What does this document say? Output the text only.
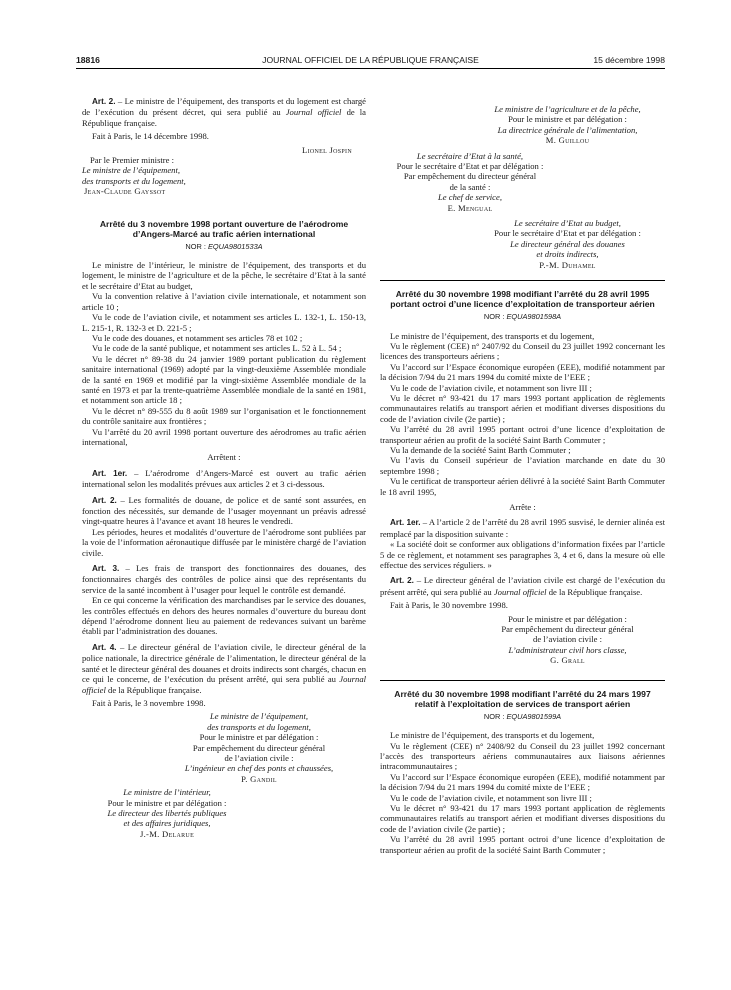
18816	JOURNAL OFFICIEL DE LA RÉPUBLIQUE FRANÇAISE	15 décembre 1998

Art. 2. – Le ministre de l’équipement, des transports et du logement est chargé de l’exécution du présent décret, qui sera publié au Journal officiel de la République française.

Fait à Paris, le 14 décembre 1998.

Lionel Jospin

Par le Premier ministre :

Le ministre de l’équipement,

des transports et du logement,

Jean-Claude Gayssot

Arrêté du 3 novembre 1998 portant ouverture de l’aérodrome d’Angers-Marcé au trafic aérien international

NOR : EQUA9801533A

Le ministre de l’intérieur, le ministre de l’équipement, des transports et du logement, le ministre de l’agriculture et de la pêche, le secrétaire d’Etat à la santé et le secrétaire d’Etat au budget,

Vu la convention relative à l’aviation civile internationale, et notamment son article 10 ;

Vu le code de l’aviation civile, et notamment ses articles L. 132-1, L. 150-13, L. 215-1, R. 132-3 et D. 221-5 ;

Vu le code des douanes, et notamment ses articles 78 et 102 ;

Vu le code de la santé publique, et notamment ses articles L. 52 à L. 54 ;

Vu le décret n° 89-38 du 24 janvier 1989 portant publication du règlement sanitaire international (1969) adopté par la vingt-deuxième Assemblée mondiale de la santé en 1969 et modifié par la vingt-sixième Assemblée mondiale de la santé en 1973 et par la trente-quatrième Assemblée mondiale de la santé en 1981, et notamment son article 18 ;

Vu le décret n° 89-555 du 8 août 1989 sur l’organisation et le fonctionnement du contrôle sanitaire aux frontières ;

Vu l’arrêté du 20 avril 1998 portant ouverture des aérodromes au trafic aérien international,

Arrêtent :

Art. 1er. – L’aérodrome d’Angers-Marcé est ouvert au trafic aérien international selon les modalités prévues aux articles 2 et 3 ci-dessous.

Art. 2. – Les formalités de douane, de police et de santé sont assurées, en fonction des nécessités, sur demande de l’usager moyennant un préavis adressé vingt-quatre heures à l’avance et avant 18 heures le vendredi.

Les périodes, heures et modalités d’ouverture de l’aérodrome sont publiées par la voie de l’information aéronautique diffusée par le ministère chargé de l’aviation civile.

Art. 3. – Les frais de transport des fonctionnaires des douanes, des fonctionnaires chargés des contrôles de police ainsi que des représentants du service de la santé incombent à l’usager pour lequel le contrôle est demandé.

En ce qui concerne la vérification des marchandises par le service des douanes, les contrôles effectués en dehors des heures normales d’ouverture du bureau dont dépend l’aérodrome donnent lieu au paiement de redevances suivant un barème établi par l’administration des douanes.

Art. 4. – Le directeur général de l’aviation civile, le directeur général de la police nationale, la directrice générale de l’alimentation, le directeur général de la santé et le directeur général des douanes et droits indirects sont chargés, chacun en ce qui le concerne, de l’exécution du présent arrêté, qui sera publié au Journal officiel de la République française.

Fait à Paris, le 3 novembre 1998.

Le ministre de l’équipement,
des transports et du logement,
Pour le ministre et par délégation :
Par empêchement du directeur général
de l’aviation civile :
L’ingénieur en chef des ponts et chaussées,
P. Gandil
Le ministre de l’intérieur,
Pour le ministre et par délégation :
Le directeur des libertés publiques
et des affaires juridiques,
J.-M. Delarue
Le ministre de l’agriculture et de la pêche,
Pour le ministre et par délégation :
La directrice générale de l’alimentation,
M. Guillou
Le secrétaire d’Etat à la santé,
Pour le secrétaire d’Etat et par délégation :
Par empêchement du directeur général
de la santé :
Le chef de service,
E. Mengual
Le secrétaire d’Etat au budget,
Pour le secrétaire d’Etat et par délégation :
Le directeur général des douanes
et droits indirects,
P.-M. Duhamel

Arrêté du 30 novembre 1998 modifiant l’arrêté du 28 avril 1995 portant octroi d’une licence d’exploitation de transporteur aérien

NOR : EQUA9801598A

Le ministre de l’équipement, des transports et du logement,

Vu le règlement (CEE) n° 2407/92 du Conseil du 23 juillet 1992 concernant les licences des transporteurs aériens ;

Vu l’accord sur l’Espace économique européen (EEE), modifié notamment par la décision 7/94 du 21 mars 1994 du comité mixte de l’EEE ;

Vu le code de l’aviation civile, et notamment son livre III ;

Vu le décret n° 93-421 du 17 mars 1993 portant application de règlements communautaires relatifs au transport aérien et modifiant diverses dispositions du code de l’aviation civile (2e partie) ;

Vu l’arrêté du 28 avril 1995 portant octroi d’une licence d’exploitation de transporteur aérien au profit de la société Saint Barth Commuter ;

Vu la demande de la société Saint Barth Commuter ;

Vu l’avis du Conseil supérieur de l’aviation marchande en date du 30 septembre 1998 ;

Vu le certificat de transporteur aérien délivré à la société Saint Barth Commuter le 18 avril 1995,

Arrête :

Art. 1er. – A l’article 2 de l’arrêté du 28 avril 1995 susvisé, le dernier alinéa est remplacé par la disposition suivante :

« La société doit se conformer aux obligations d’information fixées par l’article 5 de ce règlement, et notamment ses paragraphes 3, 4 et 6, dans la mesure où elle effectue des services réguliers. »

Art. 2. – Le directeur général de l’aviation civile est chargé de l’exécution du présent arrêté, qui sera publié au Journal officiel de la République française.

Fait à Paris, le 30 novembre 1998.

Pour le ministre et par délégation :
Par empêchement du directeur général
de l’aviation civile :
L’administrateur civil hors classe,
G. Grall

Arrêté du 30 novembre 1998 modifiant l’arrêté du 24 mars 1997 relatif à l’exploitation de services de transport aérien

NOR : EQUA9801599A

Le ministre de l’équipement, des transports et du logement,

Vu le règlement (CEE) n° 2408/92 du Conseil du 23 juillet 1992 concernant l’accès des transporteurs aériens communautaires aux liaisons aériennes intracommunautaires ;

Vu l’accord sur l’Espace économique européen (EEE), modifié notamment par la décision 7/94 du 21 mars 1994 du comité mixte de l’EEE ;

Vu le code de l’aviation civile, et notamment son livre III ;

Vu le décret n° 93-421 du 17 mars 1993 portant application de règlements communautaires relatifs au transport aérien et modifiant diverses dispositions du code de l’aviation civile (2e partie) ;

Vu l’arrêté du 28 avril 1995 portant octroi d’une licence d’exploitation de transporteur aérien au profit de la société Saint Barth Commuter ;
